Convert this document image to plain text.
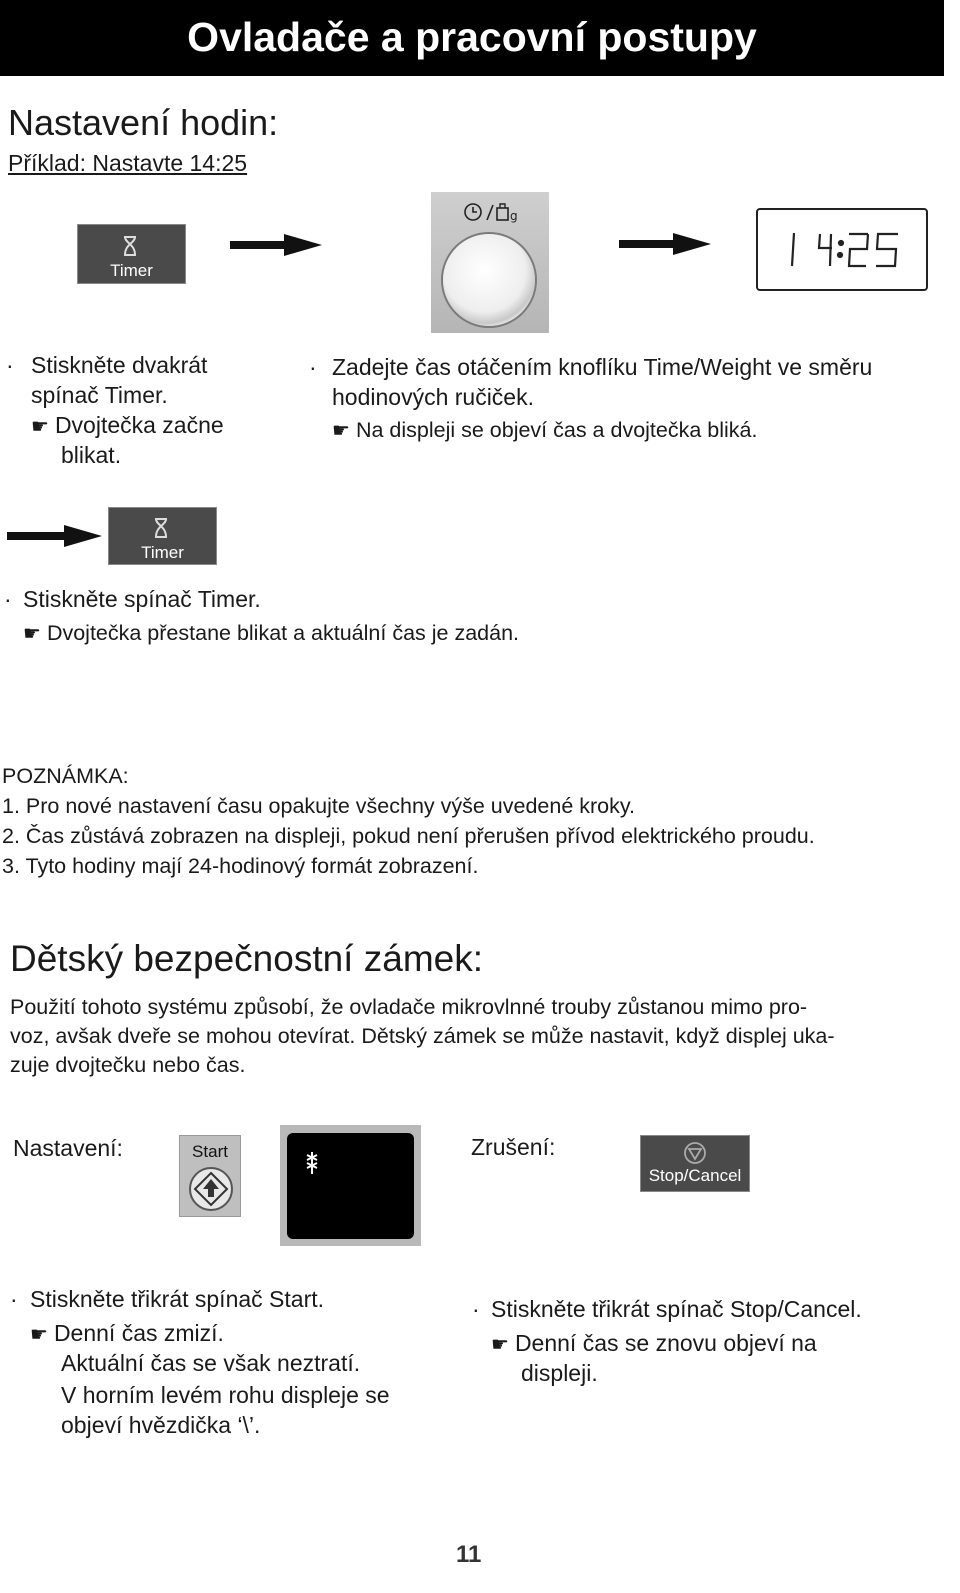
Ovladače a pracovní postupy
Nastavení hodin:
Příklad: Nastavte 14:25
Timer
g
· Stiskněte dvakrát
spínač Timer.
☛ Dvojtečka začne
blikat.
· Zadejte čas otáčením knoflíku Time/Weight ve směru
hodinových ručiček.
☛ Na displeji se objeví čas a dvojtečka bliká.
Timer
· Stiskněte spínač Timer.
☛ Dvojtečka přestane blikat a aktuální čas je zadán.
POZNÁMKA:
1. Pro nové nastavení času opakujte všechny výše uvedené kroky.
2. Čas zůstává zobrazen na displeji, pokud není přerušen přívod elektrického proudu.
3. Tyto hodiny mají 24-hodinový formát zobrazení.
Dětský bezpečnostní zámek:
Použití tohoto systému způsobí, že ovladače mikrovlnné trouby zůstanou mimo pro-
voz, avšak dveře se mohou otevírat. Dětský zámek se může nastavit, když displej uka-
zuje dvojtečku nebo čas.
Nastavení:	Start	Zrušení:
Stop/Cancel
· Stiskněte třikrát spínač Start.
☛ Denní čas zmizí.
Aktuální čas se však neztratí.
V horním levém rohu displeje se
objeví hvězdička ‘\’.
· Stiskněte třikrát spínač Stop/Cancel.
☛ Denní čas se znovu objeví na
displeji.
11
